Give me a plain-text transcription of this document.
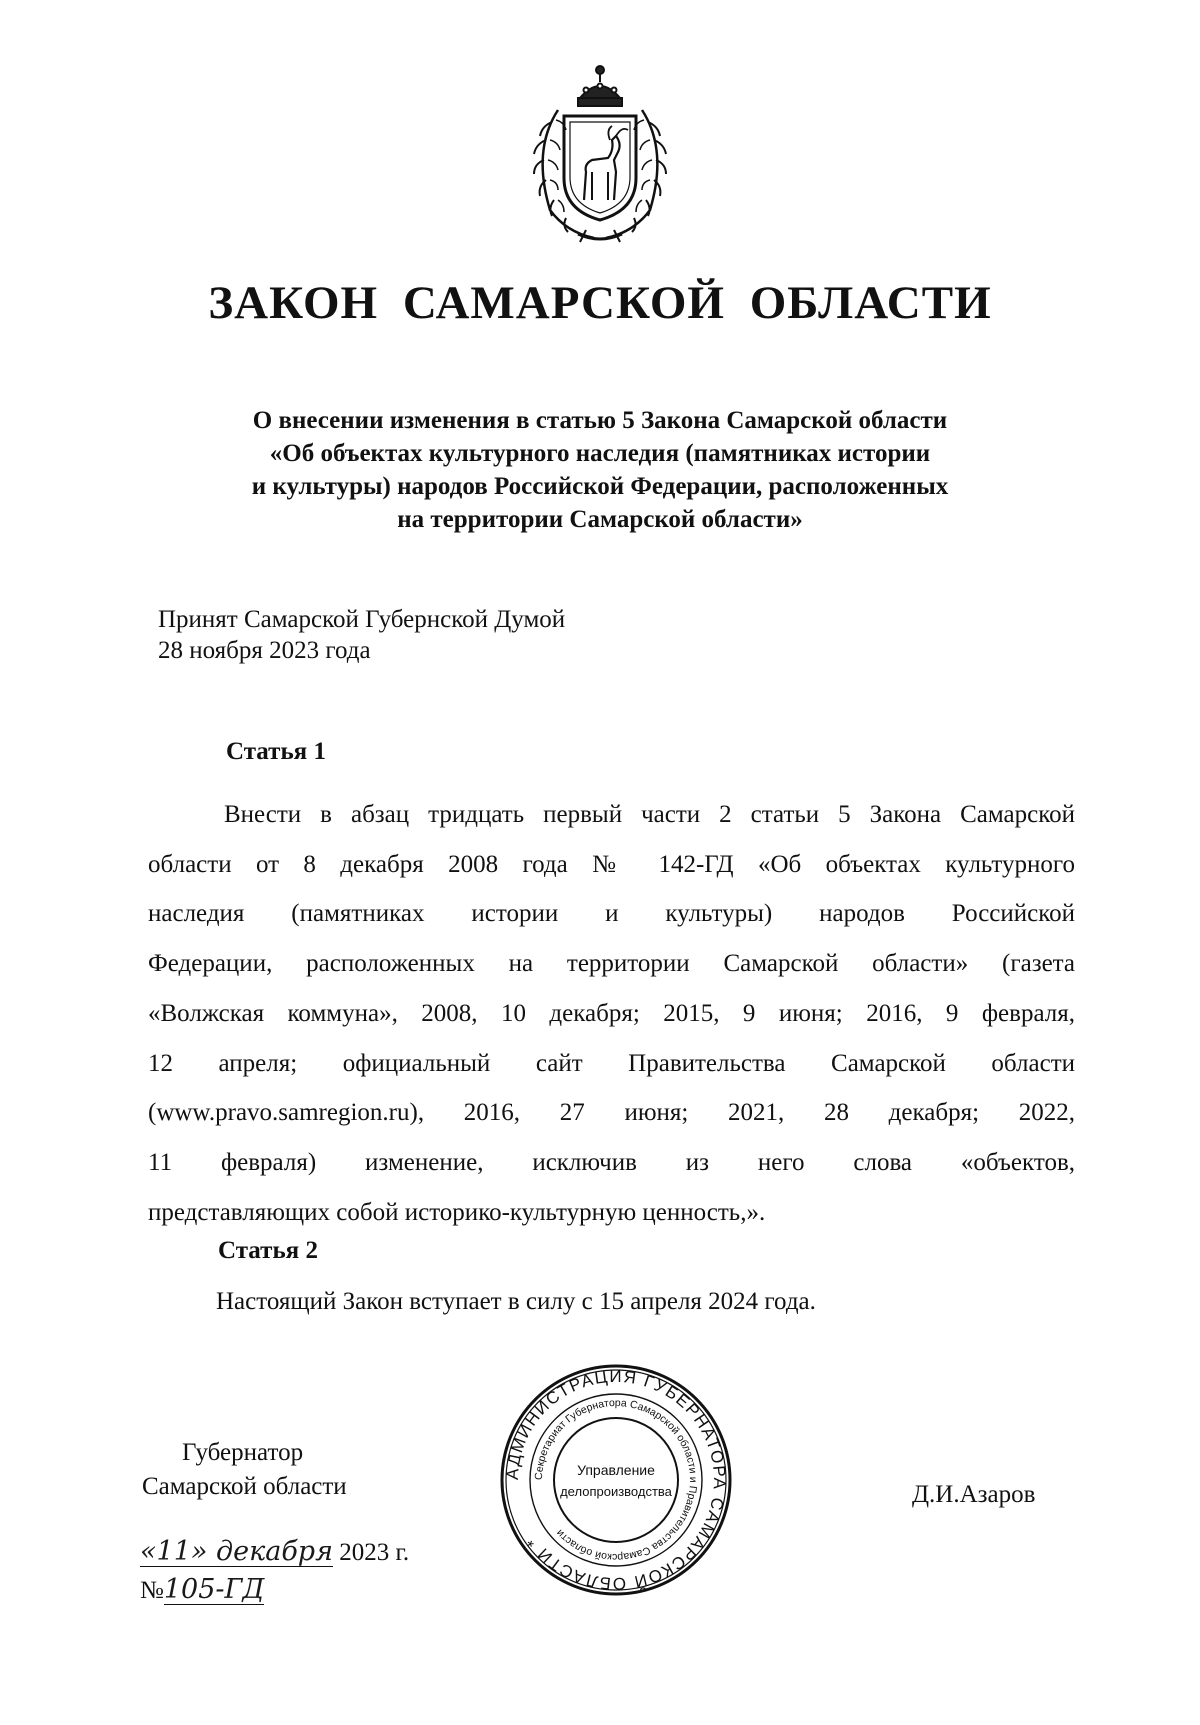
ЗАКОН САМАРСКОЙ ОБЛАСТИ
О внесении изменения в статью 5 Закона Самарской области
«Об объектах культурного наследия (памятниках истории
и культуры) народов Российской Федерации, расположенных
на территории Самарской области»
Принят Самарской Губернской Думой
28 ноября 2023 года
Статья 1
Внести в абзац тридцать первый части 2 статьи 5 Закона Самарской
области от 8 декабря 2008 года № 142-ГД «Об объектах культурного
наследия (памятниках истории и культуры) народов Российской
Федерации, расположенных на территории Самарской области» (газета
«Волжская коммуна», 2008, 10 декабря; 2015, 9 июня; 2016, 9 февраля,
12 апреля; официальный сайт Правительства Самарской области
(www.pravo.samregion.ru), 2016, 27 июня; 2021, 28 декабря; 2022,
11 февраля) изменение, исключив из него слова «объектов,
представляющих собой историко-культурную ценность,».
Статья 2
Настоящий Закон вступает в силу с 15 апреля 2024 года.
Губернатор
Самарской области	АДМИНИСТРАЦИЯ ГУБЕРНАТОРА САМАРСКОЙ ОБЛАСТИ *
Секретариат Губернатора Самарской области и Правительства Самарской области
Управление
делопроизводства	Д.И.Азаров
«11» декабря 2023 г.
№105-ГД
